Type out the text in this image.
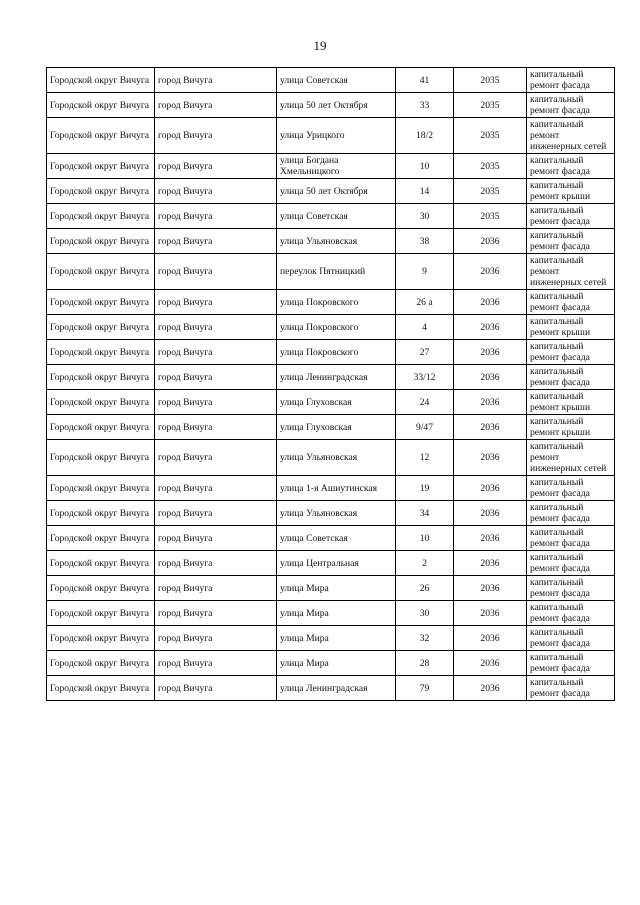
19
Городской округ Вичуга	город Вичуга	улица Советская	41	2035	капитальный ремонт фасада
Городской округ Вичуга	город Вичуга	улица 50 лет Октября	33	2035	капитальный ремонт фасада
Городской округ Вичуга	город Вичуга	улица Урицкого	18/2	2035	капитальный ремонт инженерных сетей
Городской округ Вичуга	город Вичуга	улица Богдана Хмельницкого	10	2035	капитальный ремонт фасада
Городской округ Вичуга	город Вичуга	улица 50 лет Октября	14	2035	капитальный ремонт крыши
Городской округ Вичуга	город Вичуга	улица Советская	30	2035	капитальный ремонт фасада
Городской округ Вичуга	город Вичуга	улица Ульяновская	38	2036	капитальный ремонт фасада
Городской округ Вичуга	город Вичуга	переулок Пятницкий	9	2036	капитальный ремонт инженерных сетей
Городской округ Вичуга	город Вичуга	улица Покровского	26 а	2036	капитальный ремонт фасада
Городской округ Вичуга	город Вичуга	улица Покровского	4	2036	капитальный ремонт крыши
Городской округ Вичуга	город Вичуга	улица Покровского	27	2036	капитальный ремонт фасада
Городской округ Вичуга	город Вичуга	улица Ленинградская	33/12	2036	капитальный ремонт фасада
Городской округ Вичуга	город Вичуга	улица Глуховская	24	2036	капитальный ремонт крыши
Городской округ Вичуга	город Вичуга	улица Глуховская	9/47	2036	капитальный ремонт крыши
Городской округ Вичуга	город Вичуга	улица Ульяновская	12	2036	капитальный ремонт инженерных сетей
Городской округ Вичуга	город Вичуга	улица 1-я Ашиутинская	19	2036	капитальный ремонт фасада
Городской округ Вичуга	город Вичуга	улица Ульяновская	34	2036	капитальный ремонт фасада
Городской округ Вичуга	город Вичуга	улица Советская	10	2036	капитальный ремонт фасада
Городской округ Вичуга	город Вичуга	улица Центральная	2	2036	капитальный ремонт фасада
Городской округ Вичуга	город Вичуга	улица Мира	26	2036	капитальный ремонт фасада
Городской округ Вичуга	город Вичуга	улица Мира	30	2036	капитальный ремонт фасада
Городской округ Вичуга	город Вичуга	улица Мира	32	2036	капитальный ремонт фасада
Городской округ Вичуга	город Вичуга	улица Мира	28	2036	капитальный ремонт фасада
Городской округ Вичуга	город Вичуга	улица Ленинградская	79	2036	капитальный ремонт фасада
